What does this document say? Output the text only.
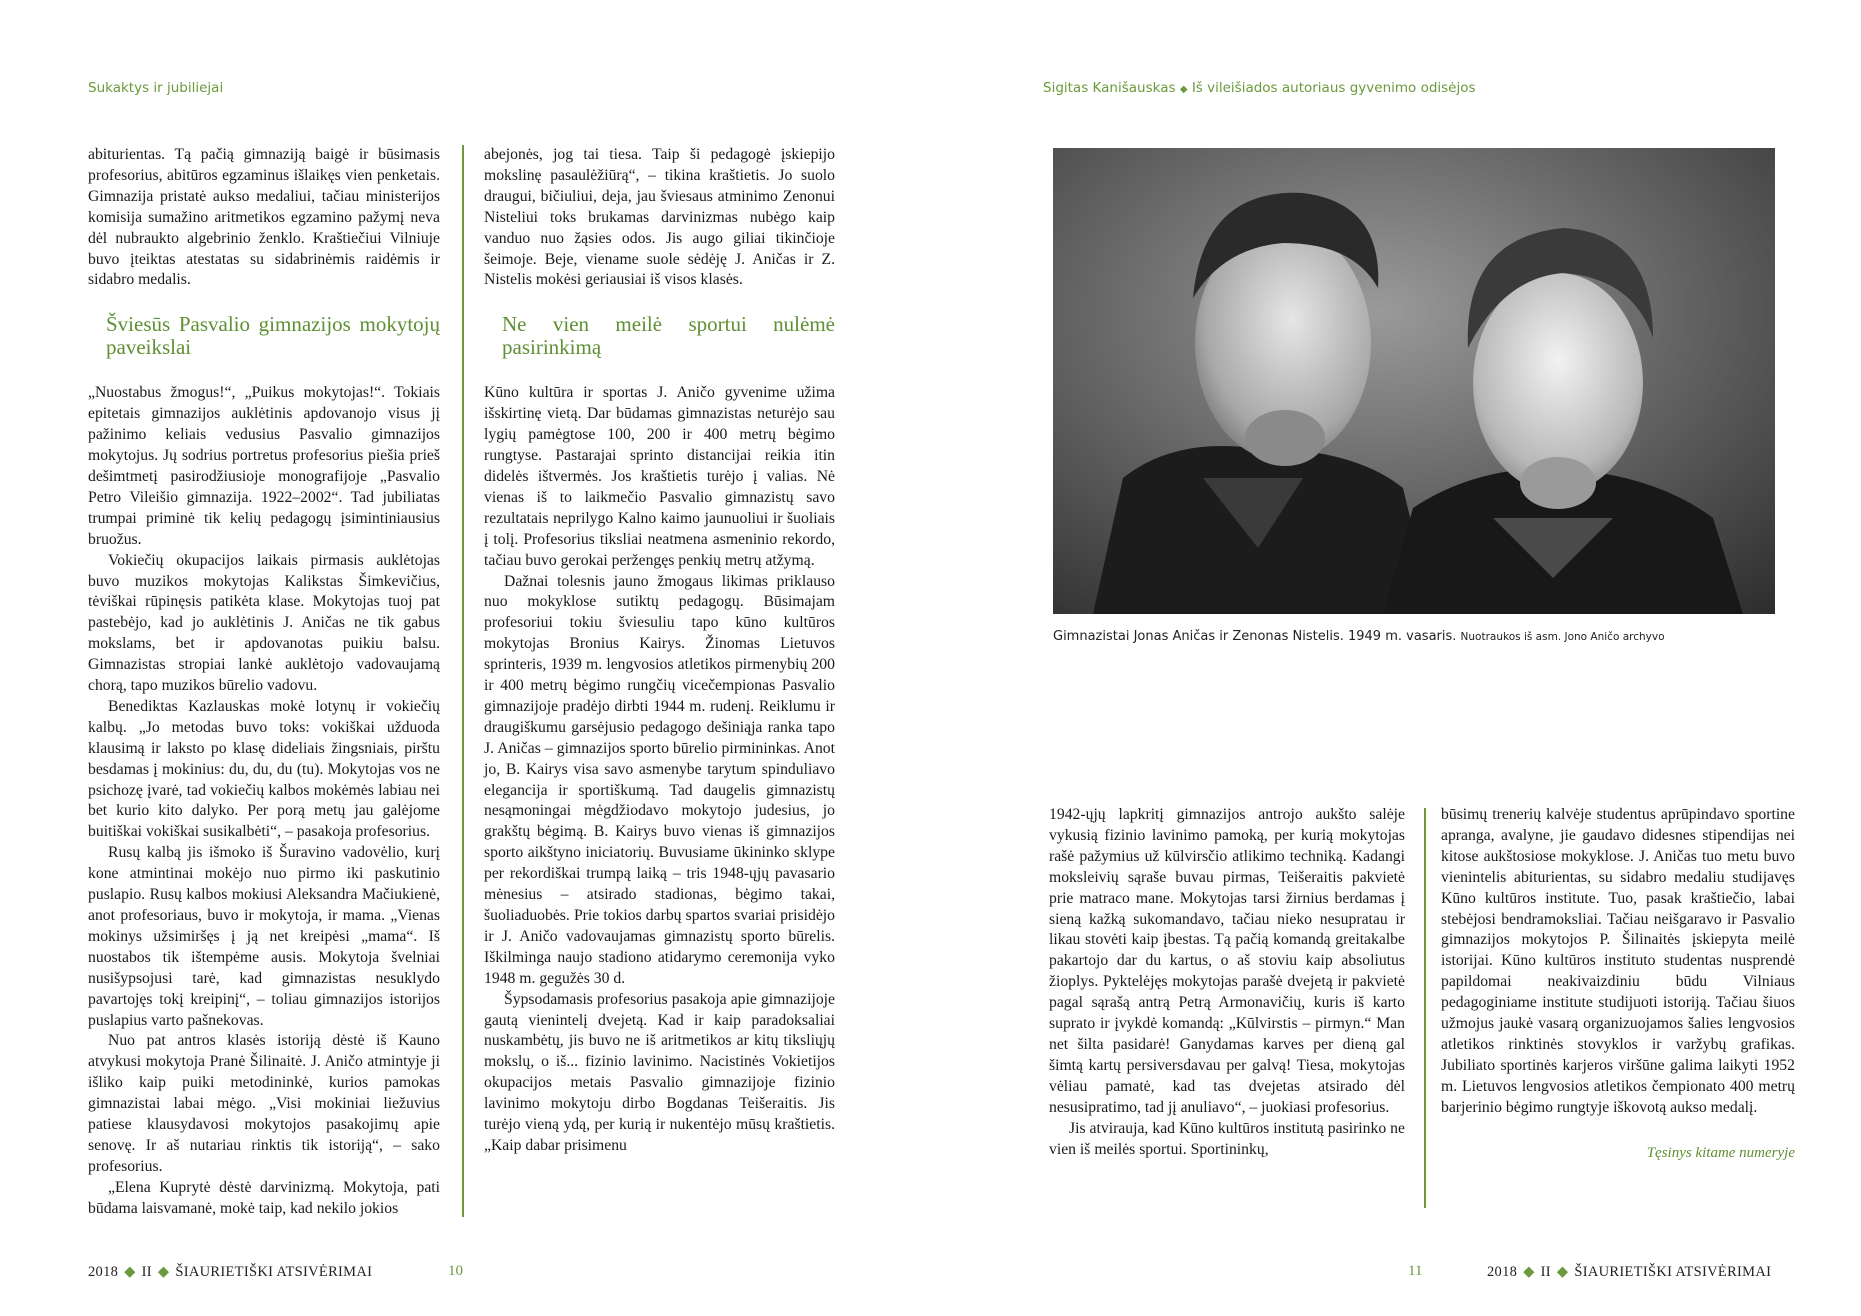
Sukaktys ir jubiliejai	Sigitas Kanišauskas ◆ Iš vileišiados autoriaus gyvenimo odisėjos

abiturientas. Tą pačią gimnaziją baigė ir būsimasis profesorius, abitūros egzaminus išlaikęs vien penketais. Gimnazija pristatė aukso medaliui, tačiau ministerijos komisija sumažino aritmetikos egzamino pažymį neva dėl nubraukto algebrinio ženklo. Kraštiečiui Vilniuje buvo įteiktas atestatas su sidabrinėmis raidėmis ir sidabro medalis.

Šviesūs Pasvalio gimnazijos mokytojų paveikslai

„Nuostabus žmogus!“, „Puikus mokytojas!“. Tokiais epitetais gimnazijos auklėtinis apdovanojo visus jį pažinimo keliais vedusius Pasvalio gimnazijos mokytojus. Jų sodrius portretus profesorius piešia prieš dešimtmetį pasirodžiusioje monografijoje „Pasvalio Petro Vileišio gimnazija. 1922–2002“. Tad jubiliatas trumpai priminė tik kelių pedagogų įsimintiniausius bruožus.

Vokiečių okupacijos laikais pirmasis auklėtojas buvo muzikos mokytojas Kalikstas Šimkevičius, tėviškai rūpinęsis patikėta klase. Mokytojas tuoj pat pastebėjo, kad jo auklėtinis J. Aničas ne tik gabus mokslams, bet ir apdovanotas puikiu balsu. Gimnazistas stropiai lankė auklėtojo vadovaujamą chorą, tapo muzikos būrelio vadovu.

Benediktas Kazlauskas mokė lotynų ir vokiečių kalbų. „Jo metodas buvo toks: vokiškai užduoda klausimą ir laksto po klasę dideliais žingsniais, pirštu besdamas į mokinius: du, du, du (tu). Mokytojas vos ne psichozę įvarė, tad vokiečių kalbos mokėmės labiau nei bet kurio kito dalyko. Per porą metų jau galėjome buitiškai vokiškai susikalbėti“, – pasakoja profesorius.

Rusų kalbą jis išmoko iš Šuravino vadovėlio, kurį kone atmintinai mokėjo nuo pirmo iki paskutinio puslapio. Rusų kalbos mokiusi Aleksandra Mačiukienė, anot profesoriaus, buvo ir mokytoja, ir mama. „Vienas mokinys užsimiršęs į ją net kreipėsi „mama“. Iš nuostabos tik ištempėme ausis. Mokytoja švelniai nusišypsojusi tarė, kad gimnazistas nesuklydo pavartojęs tokį kreipinį“, – toliau gimnazijos istorijos puslapius varto pašnekovas.

Nuo pat antros klasės istoriją dėstė iš Kauno atvykusi mokytoja Pranė Šilinaitė. J. Aničo atmintyje ji išliko kaip puiki metodininkė, kurios pamokas gimnazistai labai mėgo. „Visi mokiniai liežuvius patiese klausydavosi mokytojos pasakojimų apie senovę. Ir aš nutariau rinktis tik istoriją“, – sako profesorius.

„Elena Kuprytė dėstė darvinizmą. Mokytoja, pati būdama laisvamanė, mokė taip, kad nekilo jokios

abejonės, jog tai tiesa. Taip ši pedagogė įskiepijo mokslinę pasaulėžiūrą“, – tikina kraštietis. Jo suolo draugui, bičiuliui, deja, jau šviesaus atminimo Zenonui Nisteliui toks brukamas darvinizmas nubėgo kaip vanduo nuo žąsies odos. Jis augo giliai tikinčioje šeimoje. Beje, viename suole sėdėję J. Aničas ir Z. Nistelis mokėsi geriausiai iš visos klasės.

Ne vien meilė sportui nulėmė pasirinkimą

Kūno kultūra ir sportas J. Aničo gyvenime užima išskirtinę vietą. Dar būdamas gimnazistas neturėjo sau lygių pamėgtose 100, 200 ir 400 metrų bėgimo rungtyse. Pastarajai sprinto distancijai reikia itin didelės ištvermės. Jos kraštietis turėjo į valias. Nė vienas iš to laikmečio Pasvalio gimnazistų savo rezultatais neprilygo Kalno kaimo jaunuoliui ir šuoliais į tolį. Profesorius tiksliai neatmena asmeninio rekordo, tačiau buvo gerokai peržengęs penkių metrų atžymą.

Dažnai tolesnis jauno žmogaus likimas priklauso nuo mokyklose sutiktų pedagogų. Būsimajam profesoriui tokiu šviesuliu tapo kūno kultūros mokytojas Bronius Kairys. Žinomas Lietuvos sprinteris, 1939 m. lengvosios atletikos pirmenybių 200 ir 400 metrų bėgimo rungčių vicečempionas Pasvalio gimnazijoje pradėjo dirbti 1944 m. rudenį. Reiklumu ir draugiškumu garsėjusio pedagogo dešiniąja ranka tapo J. Aničas – gimnazijos sporto būrelio pirmininkas. Anot jo, B. Kairys visa savo asmenybe tarytum spinduliavo elegancija ir sportiškumą. Tad daugelis gimnazistų nesąmoningai mėgdžiodavo mokytojo judesius, jo grakštų bėgimą. B. Kairys buvo vienas iš gimnazijos sporto aikštyno iniciatorių. Buvusiame ūkininko sklype per rekordiškai trumpą laiką – tris 1948-ųjų pavasario mėnesius – atsirado stadionas, bėgimo takai, šuoliaduobės. Prie tokios darbų spartos svariai prisidėjo ir J. Aničo vadovaujamas gimnazistų sporto būrelis. Iškilminga naujo stadiono atidarymo ceremonija vyko 1948 m. gegužės 30 d.

Šypsodamasis profesorius pasakoja apie gimnazijoje gautą vienintelį dvejetą. Kad ir kaip paradoksaliai nuskambėtų, jis buvo ne iš aritmetikos ar kitų tiksliųjų mokslų, o iš... fizinio lavinimo. Nacistinės Vokietijos okupacijos metais Pasvalio gimnazijoje fizinio lavinimo mokytoju dirbo Bogdanas Teišeraitis. Jis turėjo vieną ydą, per kurią ir nukentėjo mūsų kraštietis. „Kaip dabar prisimenu

Gimnazistai Jonas Aničas ir Zenonas Nistelis. 1949 m. vasaris. Nuotraukos iš asm. Jono Aničo archyvo

1942-ųjų lapkritį gimnazijos antrojo aukšto salėje vykusią fizinio lavinimo pamoką, per kurią mokytojas rašė pažymius už kūlvirsčio atlikimo techniką. Kadangi moksleivių sąraše buvau pirmas, Teišeraitis pakvietė prie matraco mane. Mokytojas tarsi žirnius berdamas į sieną kažką sukomandavo, tačiau nieko nesupratau ir likau stovėti kaip įbestas. Tą pačią komandą greitakalbe pakartojo dar du kartus, o aš stoviu kaip absoliutus žioplys. Pyktelėjęs mokytojas parašė dvejetą ir pakvietė pagal sąrašą antrą Petrą Armonavičių, kuris iš karto suprato ir įvykdė komandą: „Kūlvirstis – pirmyn.“ Man net šilta pasidarė! Ganydamas karves per dieną gal šimtą kartų persiversdavau per galvą! Tiesa, mokytojas vėliau pamatė, kad tas dvejetas atsirado dėl nesusipratimo, tad jį anuliavo“, – juokiasi profesorius.

Jis atvirauja, kad Kūno kultūros institutą pasirinko ne vien iš meilės sportui. Sportininkų,

būsimų trenerių kalvėje studentus aprūpindavo sportine apranga, avalyne, jie gaudavo didesnes stipendijas nei kitose aukštosiose mokyklose. J. Aničas tuo metu buvo vienintelis abiturientas, su sidabro medaliu studijavęs Kūno kultūros institute. Tuo, pasak kraštiečio, labai stebėjosi bendramoksliai. Tačiau neišgaravo ir Pasvalio gimnazijos mokytojos P. Šilinaitės įskiepyta meilė istorijai. Kūno kultūros instituto studentas nusprendė papildomai neakivaizdiniu būdu Vilniaus pedagoginiame institute studijuoti istoriją. Tačiau šiuos užmojus jaukė vasarą organizuojamos šalies lengvosios atletikos rinktinės stovyklos ir varžybų grafikas. Jubiliato sportinės karjeros viršūne galima laikyti 1952 m. Lietuvos lengvosios atletikos čempionato 400 metrų barjerinio bėgimo rungtyje iškovotą aukso medalį.

Tęsinys kitame numeryje
2018 ◆ II ◆ ŠIAURIETIŠKI ATSIVĖRIMAI	10	11	2018 ◆ II ◆ ŠIAURIETIŠKI ATSIVĖRIMAI
